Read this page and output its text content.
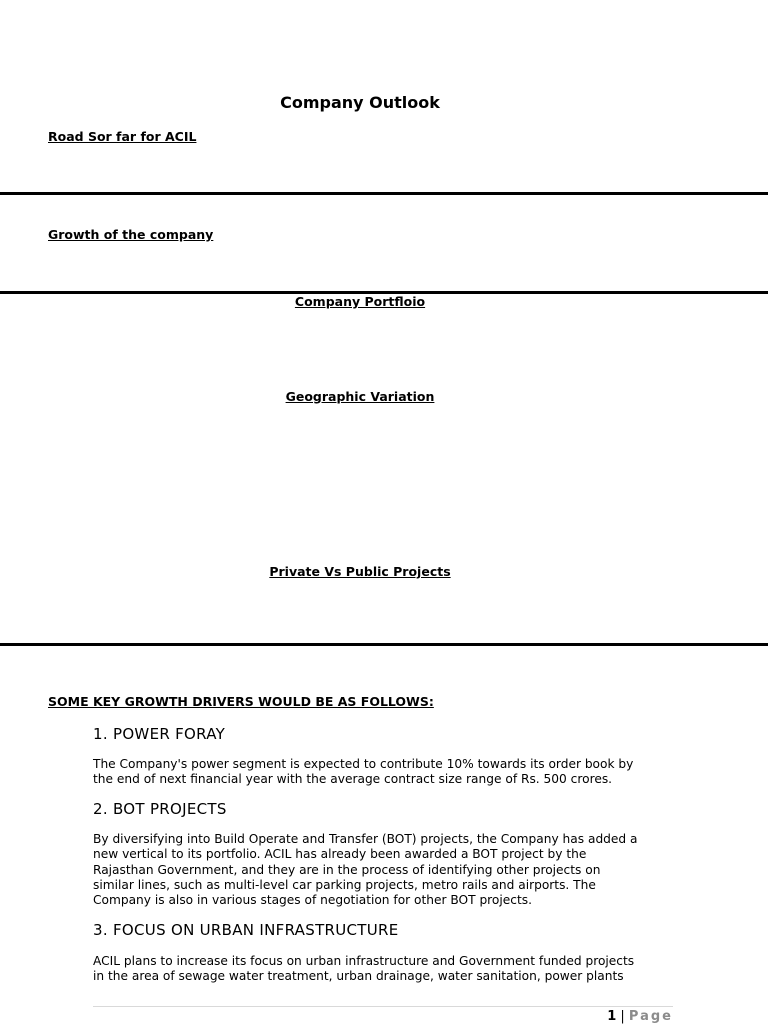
Company Outlook
Road Sor far for ACIL
Growth of the company
Company Portfloio
Geographic Variation
Private Vs Public Projects
SOME KEY GROWTH DRIVERS WOULD BE AS FOLLOWS:
1. POWER FORAY
The Company's power segment is expected to contribute 10% towards its order book by
the end of next financial year with the average contract size range of Rs. 500 crores.
2. BOT PROJECTS
By diversifying into Build Operate and Transfer (BOT) projects, the Company has added a
new vertical to its portfolio. ACIL has already been awarded a BOT project by the
Rajasthan Government, and they are in the process of identifying other projects on
similar lines, such as multi-level car parking projects, metro rails and airports. The
Company is also in various stages of negotiation for other BOT projects.
3. FOCUS ON URBAN INFRASTRUCTURE
ACIL plans to increase its focus on urban infrastructure and Government funded projects
in the area of sewage water treatment, urban drainage, water sanitation, power plants
1 | Page
